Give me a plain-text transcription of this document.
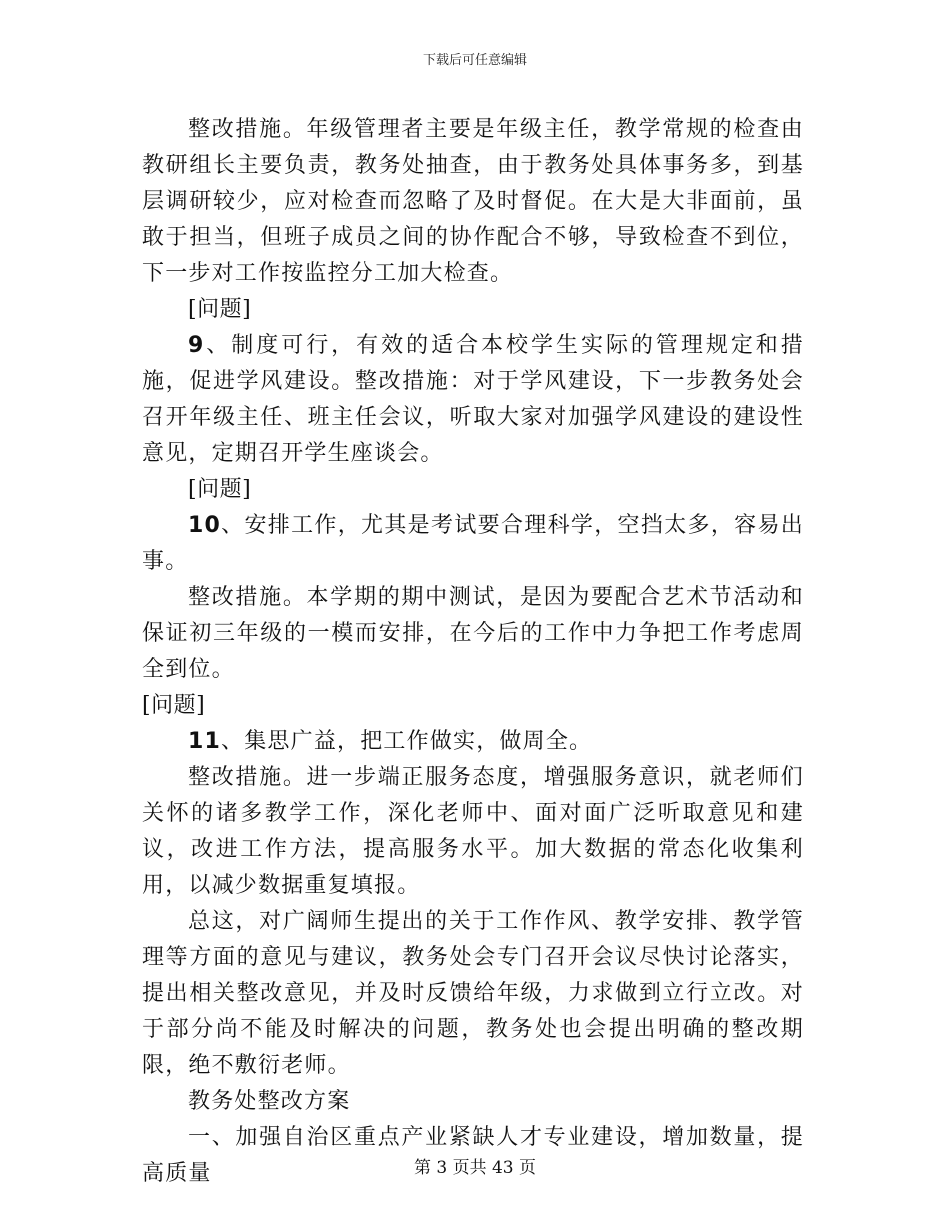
下载后可任意编辑

整改措施。年级管理者主要是年级主任，教学常规的检查由教研组长主要负责，教务处抽查，由于教务处具体事务多，到基层调研较少，应对检查而忽略了及时督促。在大是大非面前，虽敢于担当，但班子成员之间的协作配合不够，导致检查不到位，下一步对工作按监控分工加大检查。

[问题]

9、制度可行，有效的适合本校学生实际的管理规定和措施，促进学风建设。整改措施：对于学风建设，下一步教务处会召开年级主任、班主任会议，听取大家对加强学风建设的建设性意见，定期召开学生座谈会。

[问题]

10、安排工作，尤其是考试要合理科学，空挡太多，容易出事。

整改措施。本学期的期中测试，是因为要配合艺术节活动和保证初三年级的一模而安排，在今后的工作中力争把工作考虑周全到位。

[问题]

11、集思广益，把工作做实，做周全。

整改措施。进一步端正服务态度，增强服务意识，就老师们关怀的诸多教学工作，深化老师中、面对面广泛听取意见和建议，改进工作方法，提高服务水平。加大数据的常态化收集利用，以减少数据重复填报。

总这，对广阔师生提出的关于工作作风、教学安排、教学管理等方面的意见与建议，教务处会专门召开会议尽快讨论落实，提出相关整改意见，并及时反馈给年级，力求做到立行立改。对于部分尚不能及时解决的问题，教务处也会提出明确的整改期限，绝不敷衍老师。

教务处整改方案

一、加强自治区重点产业紧缺人才专业建设，增加数量，提高质量	第 3 页共 43 页
